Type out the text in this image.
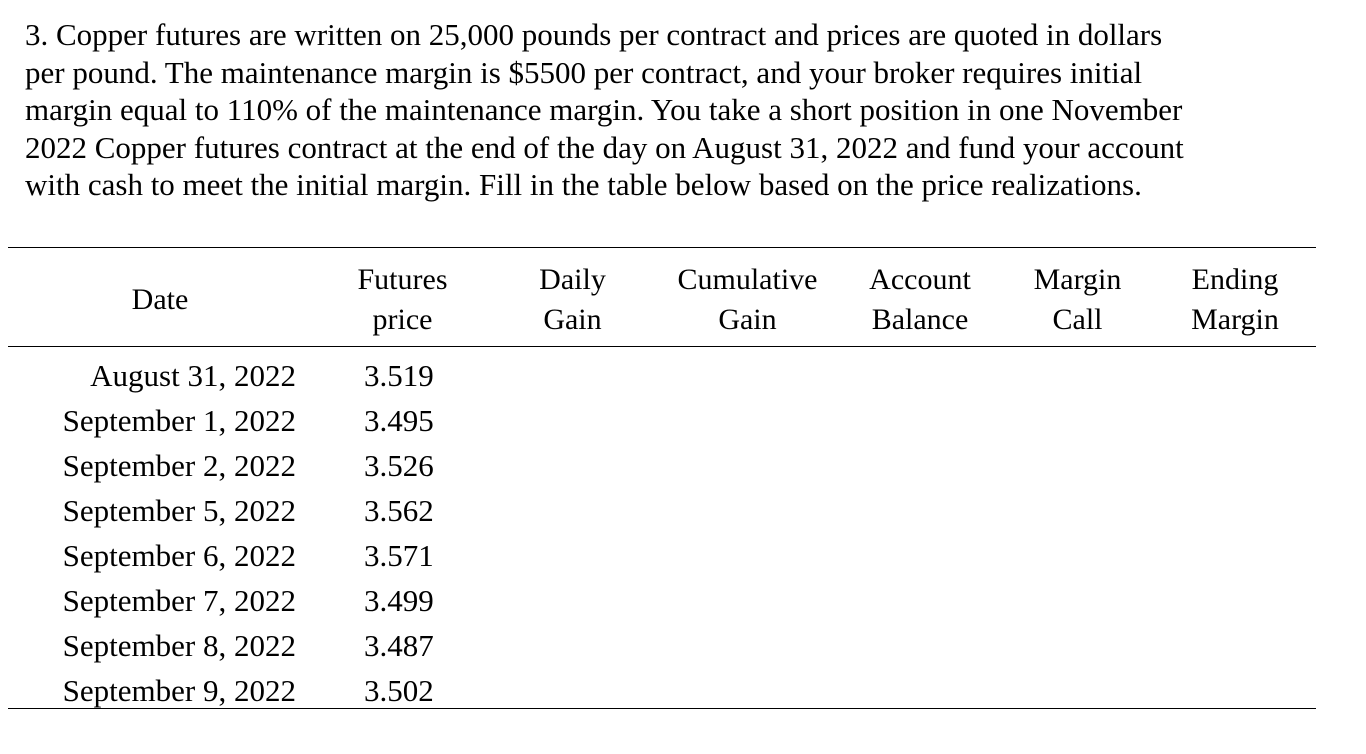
3. Copper futures are written on 25,000 pounds per contract and prices are quoted in dollars
per pound. The maintenance margin is $5500 per contract, and your broker requires initial
margin equal to 110% of the maintenance margin. You take a short position in one November
2022 Copper futures contract at the end of the day on August 31, 2022 and fund your account
with cash to meet the initial margin. Fill in the table below based on the price realizations.

Date
Futures
price
Daily
Gain
Cumulative
Gain
Account
Balance
Margin
Call
Ending
Margin
August 31, 2022 3.519
September 1, 2022 3.495
September 2, 2022 3.526
September 5, 2022 3.562
September 6, 2022 3.571
September 7, 2022 3.499
September 8, 2022 3.487
September 9, 2022 3.502
